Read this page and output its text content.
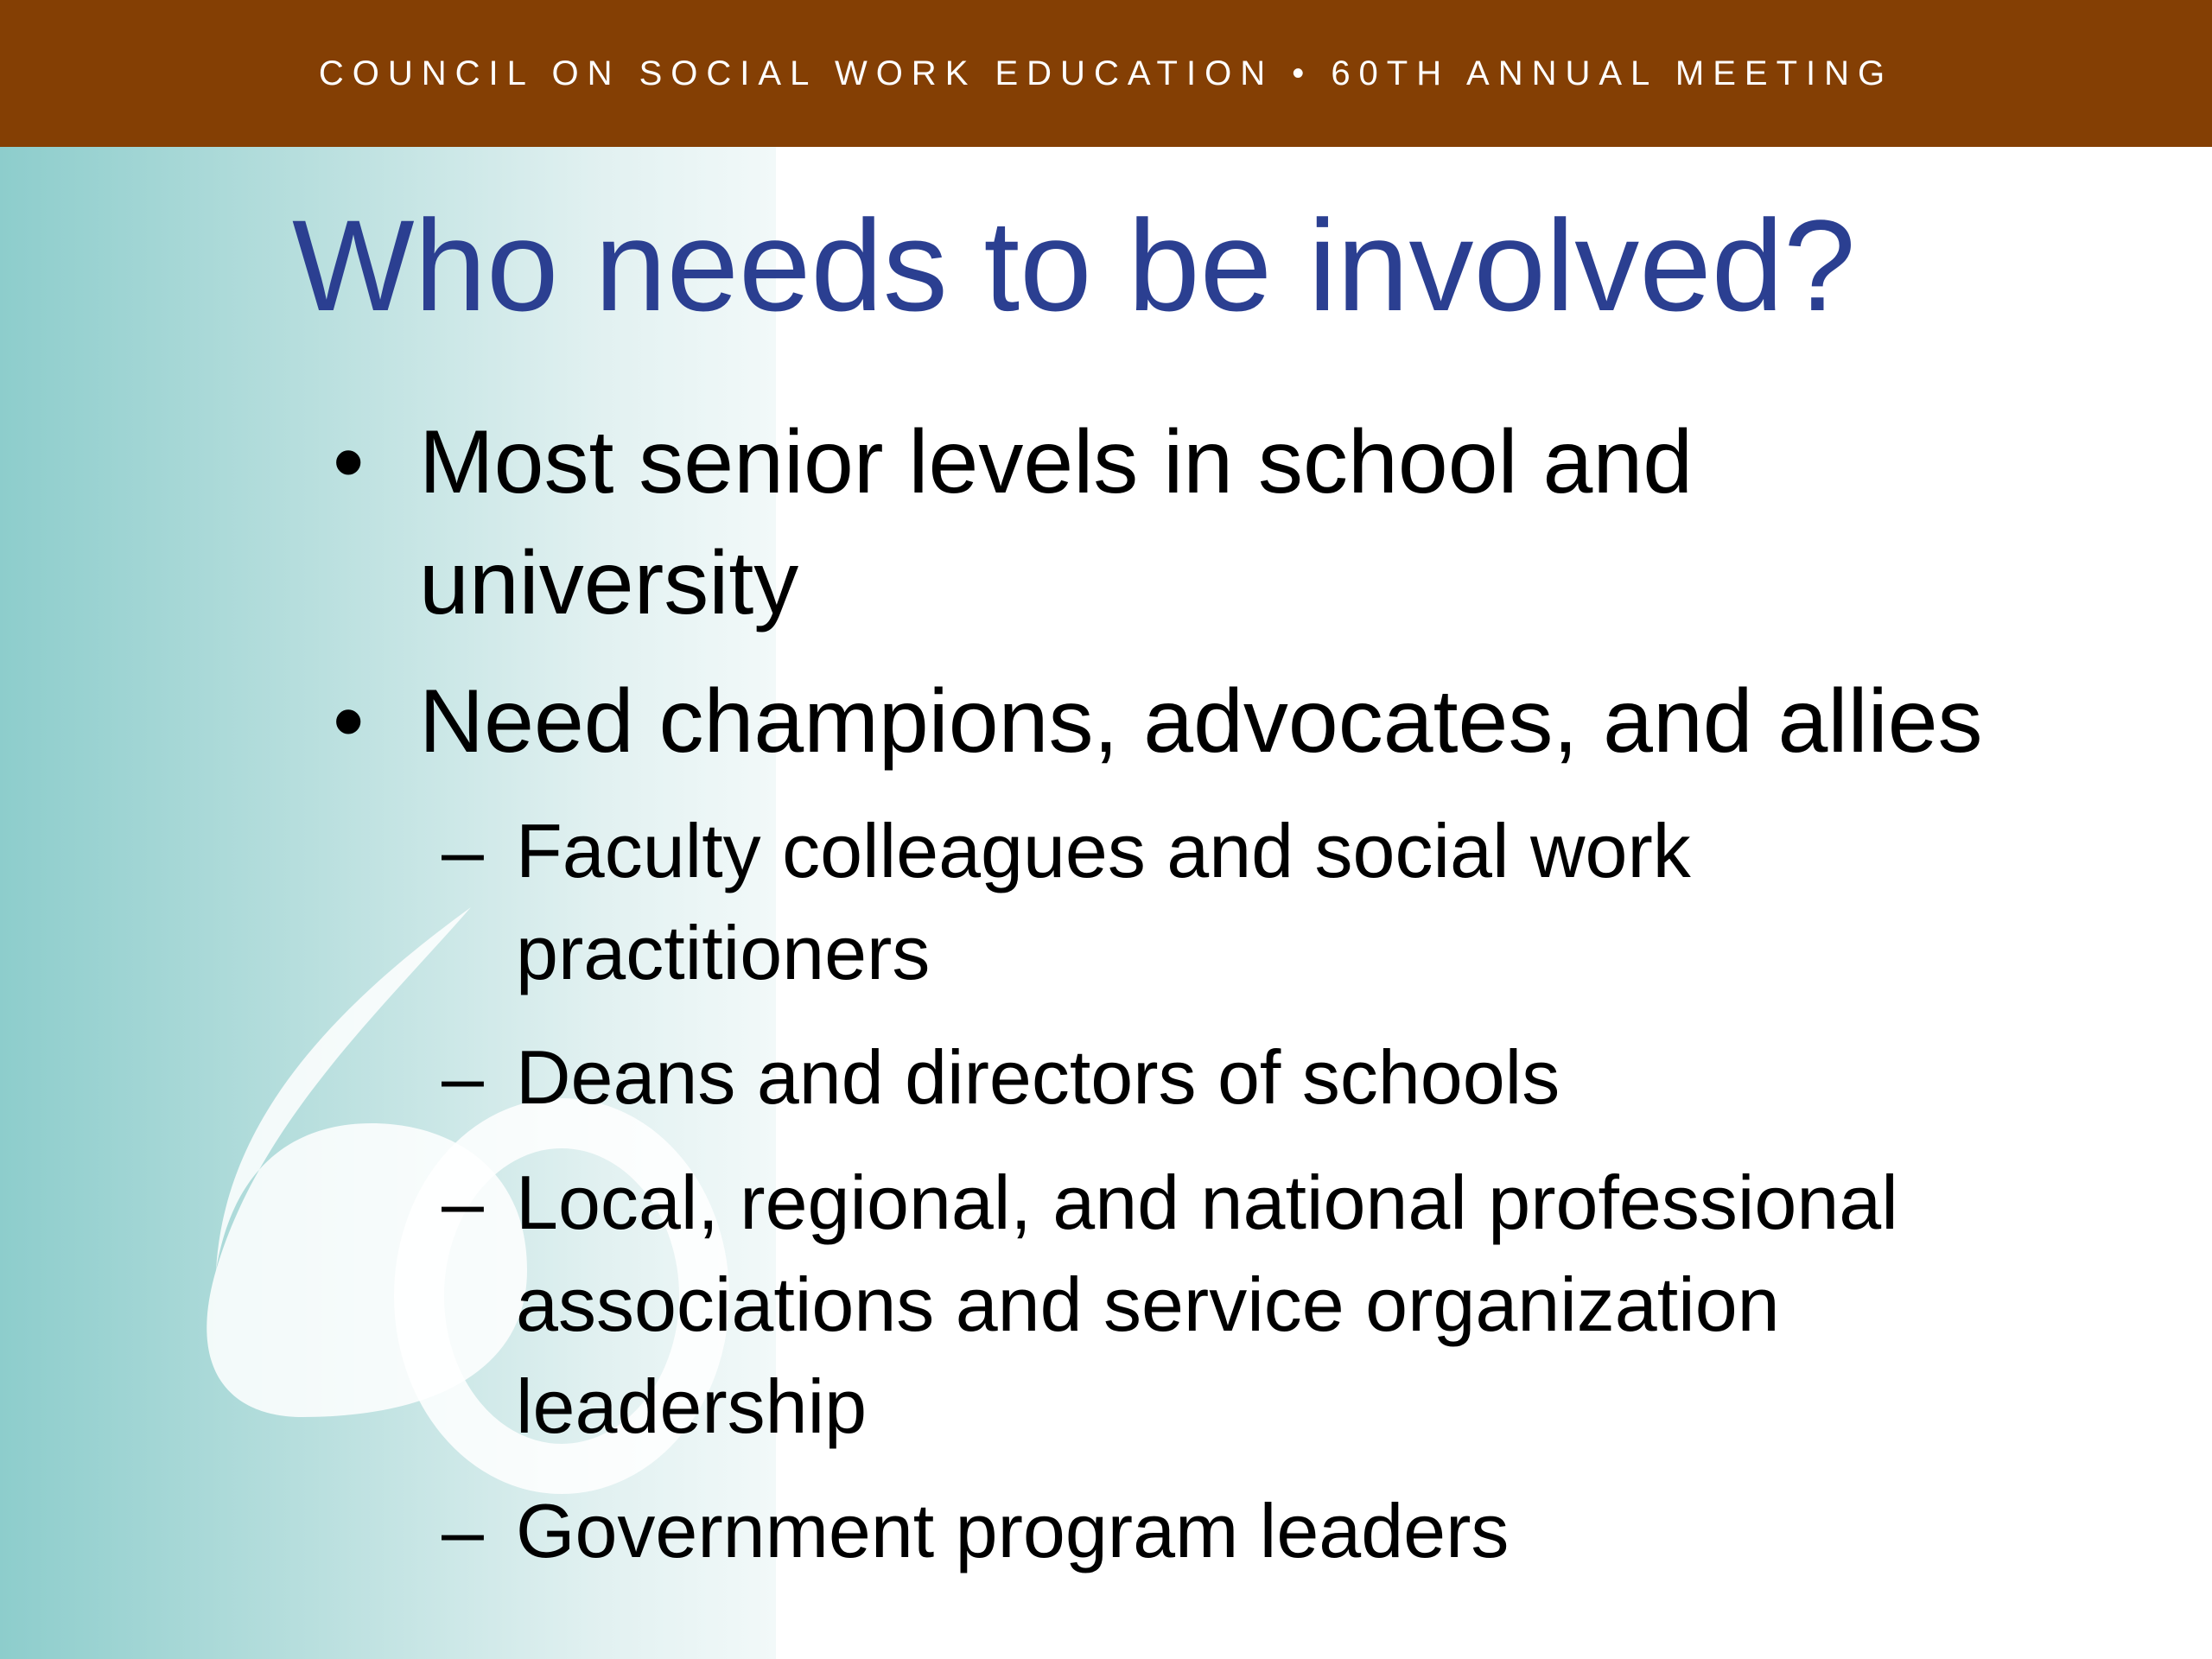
COUNCIL ON SOCIAL WORK EDUCATION • 60TH ANNUAL MEETING
Who needs to be involved?
• Most senior levels in school and
university
• Need champions, advocates, and allies
– Faculty colleagues and social work
practitioners
– Deans and directors of schools
– Local, regional, and national professional
associations and service organization
leadership
– Government program leaders
